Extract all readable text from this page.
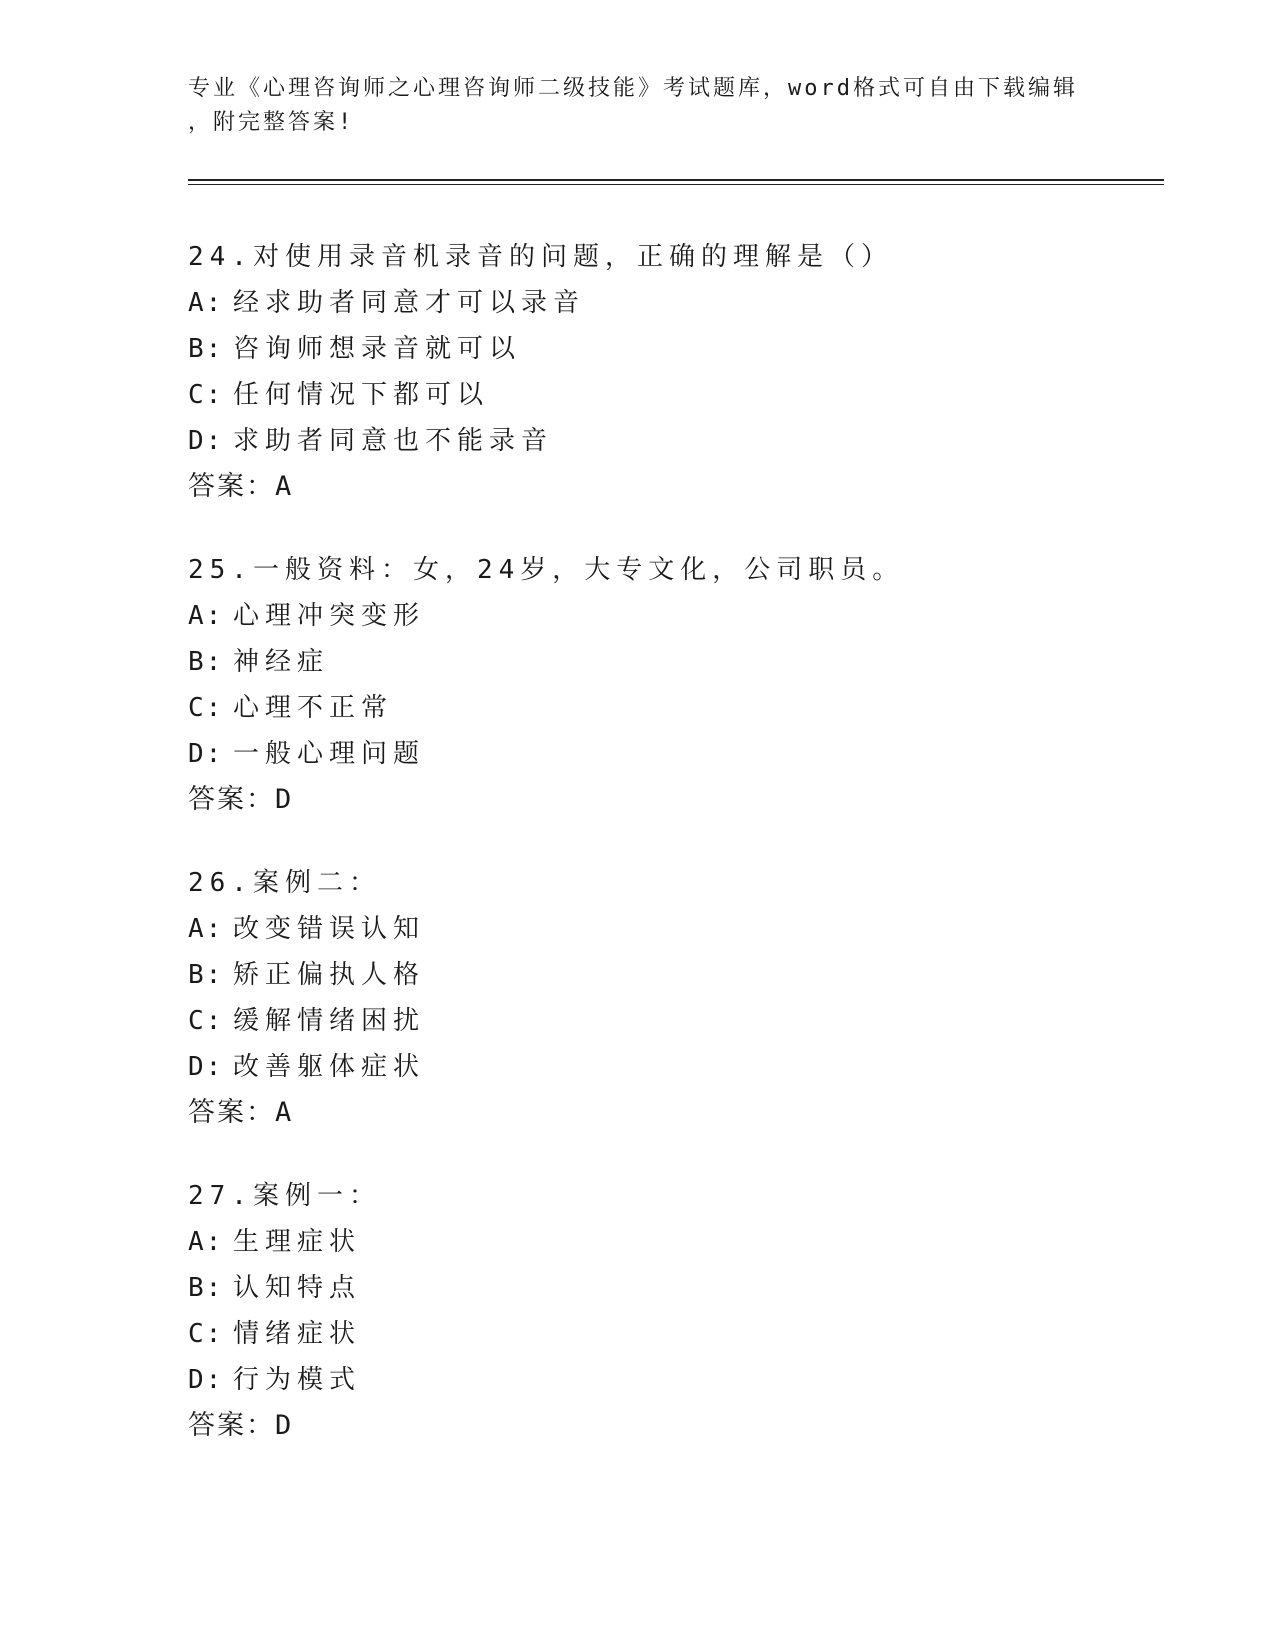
专业《心理咨询师之心理咨询师二级技能》考试题库，word格式可自由下载编辑
，附完整答案!
24.对使用录音机录音的问题，正确的理解是（）
A: 经求助者同意才可以录音
B: 咨询师想录音就可以
C: 任何情况下都可以
D: 求助者同意也不能录音
答案：A
25.一般资料：女，24岁，大专文化，公司职员。
A: 心理冲突变形
B: 神经症
C: 心理不正常
D: 一般心理问题
答案：D
26.案例二：
A: 改变错误认知
B: 矫正偏执人格
C: 缓解情绪困扰
D: 改善躯体症状
答案：A
27.案例一：
A: 生理症状
B: 认知特点
C: 情绪症状
D: 行为模式
答案：D
